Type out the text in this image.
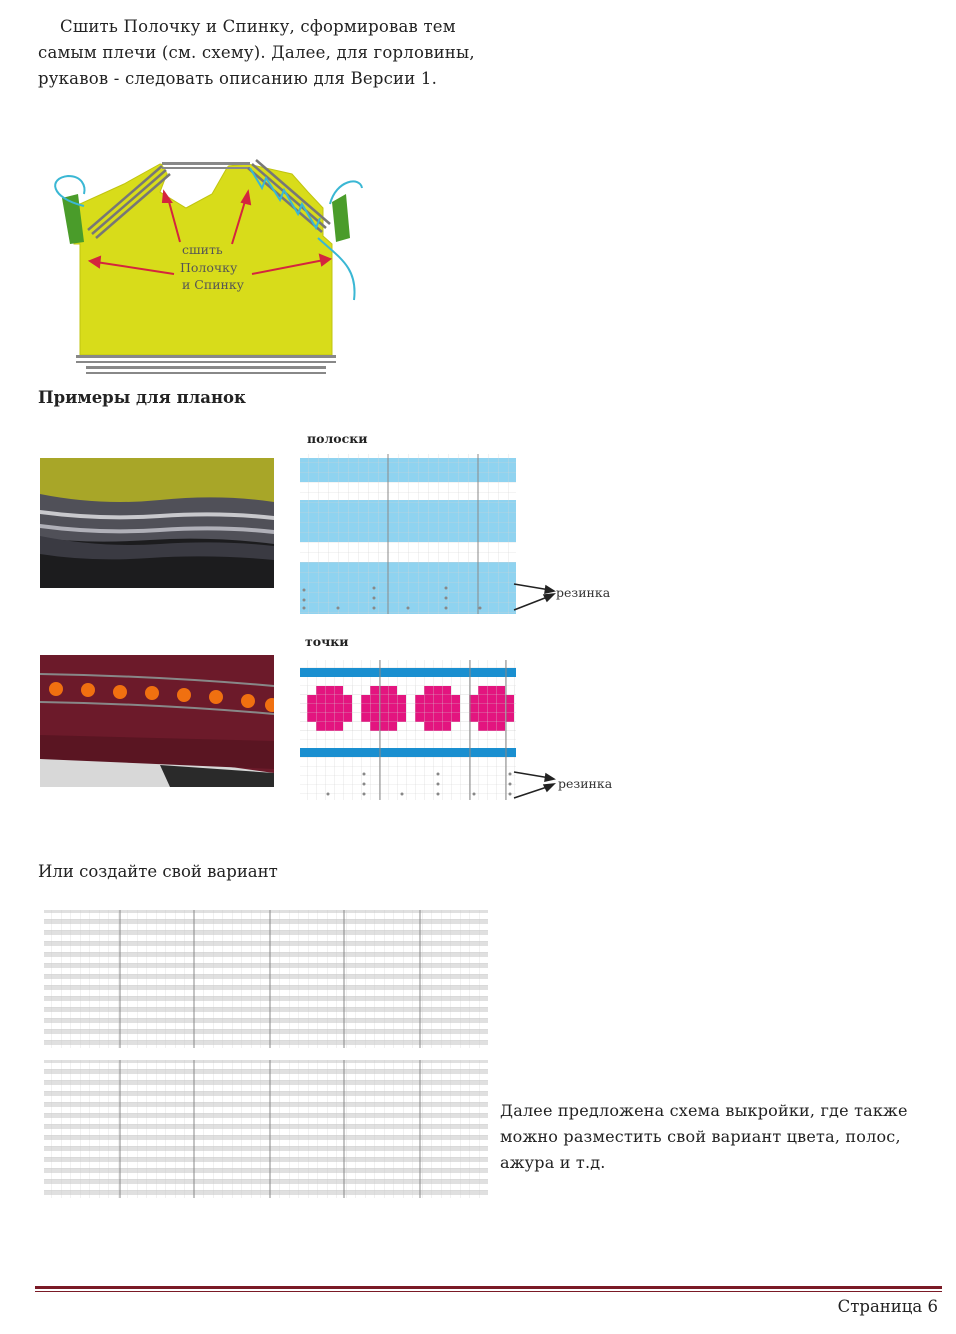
Сшить Полочку и Спинку, сформировав тем самым плечи (см. схему). Далее, для горловины, рукавов - следовать описанию для Версии 1.
сшить
Полочку
и Спинку
Примеры для планок
полоски
резинка
точки
резинка
Или создайте свой вариант
Далее предложена схема выкройки, где также можно разместить свой вариант цвета, полос, ажура и т.д.
Страница 6
